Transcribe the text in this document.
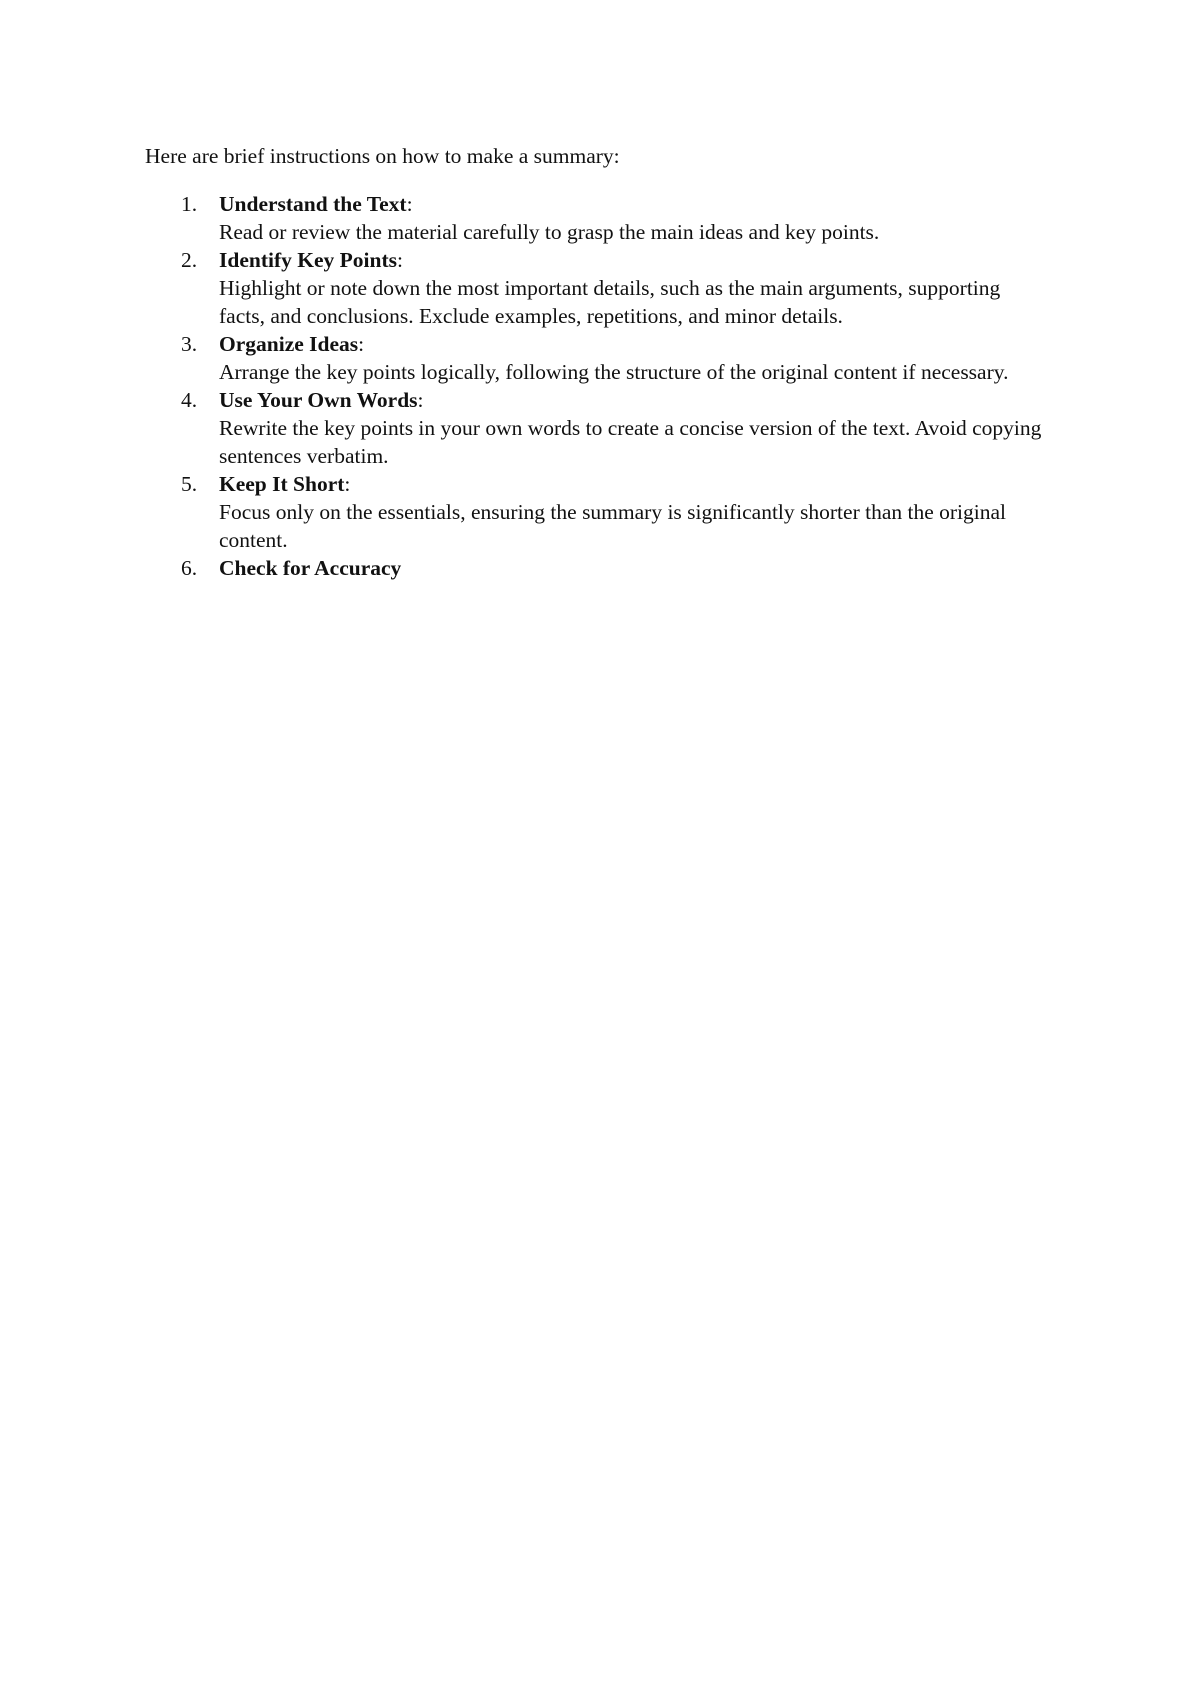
Here are brief instructions on how to make a summary:

1. Understand the Text:
Read or review the material carefully to grasp the main ideas and key points.
2. Identify Key Points:
Highlight or note down the most important details, such as the main arguments, supporting facts, and conclusions. Exclude examples, repetitions, and minor details.
3. Organize Ideas:
Arrange the key points logically, following the structure of the original content if necessary.
4. Use Your Own Words:
Rewrite the key points in your own words to create a concise version of the text. Avoid copying sentences verbatim.
5. Keep It Short:
Focus only on the essentials, ensuring the summary is significantly shorter than the original content.
6. Check for Accuracy
